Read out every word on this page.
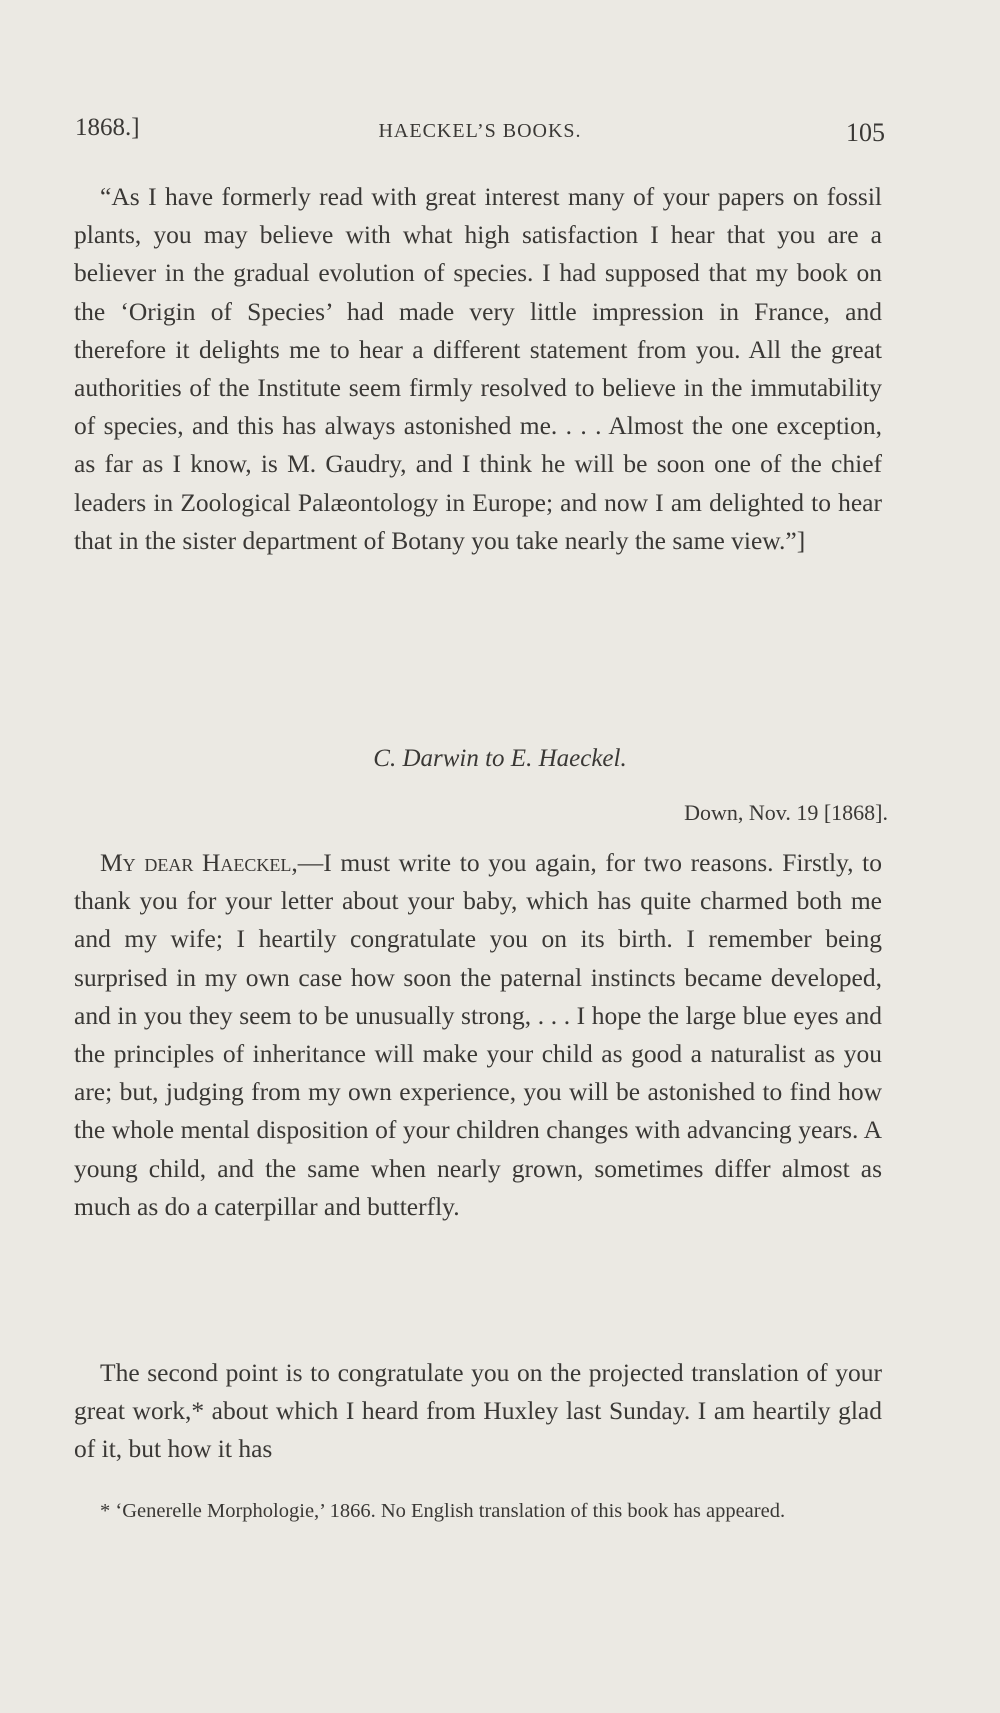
1868.]	HAECKEL’S BOOKS.	105

“As I have formerly read with great interest many of your papers on fossil plants, you may believe with what high satisfaction I hear that you are a believer in the gradual evolution of species. I had supposed that my book on the ‘Origin of Species’ had made very little impression in France, and therefore it delights me to hear a different statement from you. All the great authorities of the Institute seem firmly resolved to believe in the immutability of species, and this has always astonished me. . . . Almost the one exception, as far as I know, is M. Gaudry, and I think he will be soon one of the chief leaders in Zoological Palæontology in Europe; and now I am delighted to hear that in the sister department of Botany you take nearly the same view.”]

C. Darwin to E. Haeckel.
Down, Nov. 19 [1868].

My dear Haeckel,—I must write to you again, for two reasons. Firstly, to thank you for your letter about your baby, which has quite charmed both me and my wife; I heartily congratulate you on its birth. I remember being surprised in my own case how soon the paternal instincts became developed, and in you they seem to be unusually strong, . . . I hope the large blue eyes and the principles of inheritance will make your child as good a naturalist as you are; but, judging from my own experience, you will be astonished to find how the whole mental disposition of your children changes with advancing years. A young child, and the same when nearly grown, sometimes differ almost as much as do a caterpillar and butterfly.

The second point is to congratulate you on the projected translation of your great work,* about which I heard from Huxley last Sunday. I am heartily glad of it, but how it has

* ‘Generelle Morphologie,’ 1866. No English translation of this book has appeared.
